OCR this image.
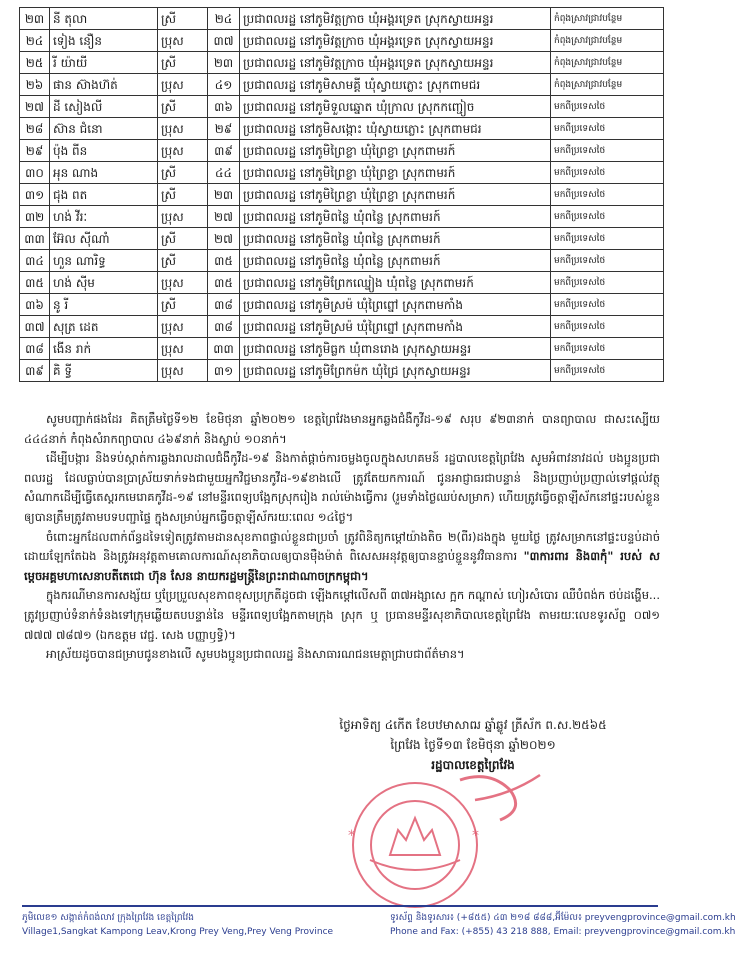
២៣	នី តុលា	ស្រី	២៤	ប្រជាពលរដ្ឋ នៅភូមិវត្តក្រាច ឃុំអង្គរទ្រេត ស្រុកស្វាយអន្ទរ	កំពុងស្រាវជ្រាវបន្ថែម
២៤	ទៀង នឿន	ប្រុស	៣៧	ប្រជាពលរដ្ឋ នៅភូមិវត្តក្រាច ឃុំអង្គរទ្រេត ស្រុកស្វាយអន្ទរ	កំពុងស្រាវជ្រាវបន្ថែម
២៥	រី យ៉ាយី	ស្រី	២៣	ប្រជាពលរដ្ឋ នៅភូមិវត្តក្រាច ឃុំអង្គរទ្រេត ស្រុកស្វាយអន្ទរ	កំពុងស្រាវជ្រាវបន្ថែម
២៦	ផាន ស៊ាងហ៊ត់	ប្រុស	៤១	ប្រជាពលរដ្ឋ នៅភូមិសាមគ្គី ឃុំស្វាយភ្លោះ ស្រុកពាមជរ	កំពុងស្រាវជ្រាវបន្ថែម
២៧	ដី សៀងលី	ស្រី	៣៦	ប្រជាពលរដ្ឋ នៅភូមិទួលឆ្នោត ឃុំក្រាល ស្រុកកញ្ជៀច	មកពីប្រទេសថៃ
២៨	ស៊ាន ជំនោ	ប្រុស	២៩	ប្រជាពលរដ្ឋ នៅភូមិសង្កោះ ឃុំស្វាយភ្លោះ ស្រុកពាមជរ	មកពីប្រទេសថៃ
២៩	ប៉ុង ពីន	ប្រុស	៣៩	ប្រជាពលរដ្ឋ នៅភូមិព្រៃខ្លា ឃុំព្រៃខ្លា ស្រុកពាមរក៍	មកពីប្រទេសថៃ
៣០	អុន ណាង	ស្រី	៤៤	ប្រជាពលរដ្ឋ នៅភូមិព្រៃខ្លា ឃុំព្រៃខ្លា ស្រុកពាមរក៍	មកពីប្រទេសថៃ
៣១	ជុង ពត	ស្រី	២៣	ប្រជាពលរដ្ឋ នៅភូមិព្រៃខ្លា ឃុំព្រៃខ្លា ស្រុកពាមរក៍	មកពីប្រទេសថៃ
៣២	ហង់ វីរៈ	ប្រុស	២៧	ប្រជាពលរដ្ឋ នៅភូមិពន្លៃ ឃុំពន្លៃ ស្រុកពាមរក៍	មកពីប្រទេសថៃ
៣៣	អ៊ែល ស៊ីណាំ	ស្រី	២៧	ប្រជាពលរដ្ឋ នៅភូមិពន្លៃ ឃុំពន្លៃ ស្រុកពាមរក៍	មកពីប្រទេសថៃ
៣៤	ហួន ណារិទ្ធ	ស្រី	៣៥	ប្រជាពលរដ្ឋ នៅភូមិពន្លៃ ឃុំពន្លៃ ស្រុកពាមរក៍	មកពីប្រទេសថៃ
៣៥	ហង់ ស៊ីម	ប្រុស	៣៥	ប្រជាពលរដ្ឋ នៅភូមិព្រែកឈ្នៀង ឃុំពន្លៃ ស្រុកពាមរក៍	មកពីប្រទេសថៃ
៣៦	នូ រី	ស្រី	៣៨	ប្រជាពលរដ្ឋ នៅភូមិស្រម៉ ឃុំព្រៃព្នៅ ស្រុកពាមកាំង	មកពីប្រទេសថៃ
៣៧	សុត្រ ដេត	ប្រុស	៣៨	ប្រជាពលរដ្ឋ នៅភូមិស្រម៉ ឃុំព្រៃព្នៅ ស្រុកពាមកាំង	មកពីប្រទេសថៃ
៣៨	ងើន រាក់	ប្រុស	៣៣	ប្រជាពលរដ្ឋ នៅភូមិធ្លក ឃុំពានរោង ស្រុកស្វាយអន្ទរ	មកពីប្រទេសថៃ
៣៩	គិ ទ្វី	ប្រុស	៣១	ប្រជាពលរដ្ឋ នៅភូមិព្រែកម៉ក ឃុំជ្រៃ ស្រុកស្វាយអន្ទរ	មកពីប្រទេសថៃ

សូមបញ្ជាក់ផងដែរ គិតត្រឹមថ្ងៃទី១២ ខែមិថុនា ឆ្នាំ២០២១ ខេត្តព្រៃវែងមានអ្នកឆ្លងជំងឺកូវីដ-១៩ សរុប ៩២៣នាក់ បានព្យាបាល ជាសះស្បើយ ៤៤៤នាក់ កំពុងសំរាកព្យាបាល ៤៦៩នាក់ និងស្លាប់ ១០នាក់។

ដើម្បីបង្ការ និងទប់ស្កាត់ការឆ្លងរាលដាលជំងឺកូវីដ-១៩ និងកាត់ផ្តាច់ការចម្លងចូលក្នុងសហគមន៍ រដ្ឋបាលខេត្តព្រៃវែង សូមអំពាវនាវដល់ បងប្អូនប្រជាពលរដ្ឋ ដែលធ្លាប់បានប្រាស្រ័យទាក់ទងជាមួយអ្នកវិជ្ជមានកូវីដ-១៩ខាងលើ ត្រូវតែយកការណ៍ ជូនអាជ្ញាធរជាបន្ទាន់ និងប្រញាប់ប្រញាល់ទៅផ្តល់វត្ថុសំណាកដើម្បីធ្វើតេស្តរកមេរោគកូវីដ-១៩ នៅមន្ទីរពេទ្យបង្អែកស្រុករៀង រាល់ម៉ោងធ្វើការ (រួមទាំងថ្ងៃឈប់សម្រាក) ហើយត្រូវធ្វើចត្តាឡីស័កនៅផ្ទះរបស់ខ្លួនឲ្យបានត្រឹមត្រូវតាមបទបញ្ជាផ្ទៃ ក្នុងសម្រាប់អ្នកធ្វើចត្តាឡីស័ករយៈពេល ១៤ថ្ងៃ។

ចំពោះអ្នកដែលពាក់ព័ន្ធដទៃទៀតត្រូវតាមដានសុខភាពផ្ទាល់ខ្លួនជាប្រចាំ ត្រូវពិនិត្យកម្តៅយ៉ាងតិច ២(ពីរ)ដងក្នុង មួយថ្ងៃ ត្រូវសម្រាកនៅផ្ទះបន្ទប់ដាច់ដោយឡែកតែឯង និងត្រូវអនុវត្តតាមគោលការណ៍សុខាភិបាលឲ្យបានម៉ឺងម៉ាត់ ពិសេសអនុវត្តឲ្យបានខ្ជាប់ខ្ជួននូវវិធានការ "៣ការពារ និង៣កុំ" របស់ សម្តេចអគ្គមហាសេនាបតីតេជោ ហ៊ុន សែន នាយករដ្ឋមន្ត្រីនៃព្រះរាជាណាចក្រកម្ពុជា។

ក្នុងករណីមានការសង្ស័យ ឬប្រែប្រួលសុខភាពខុសប្រក្រតីដូចជា ឡើងកម្តៅលើសពី ៣៧អង្សាសេ ក្អក កណ្តាស់ ហៀរសំបោរ ឈឺបំពង់ក ថប់ដង្ហើម... ត្រូវប្រញាប់ទំនាក់ទំនងទៅក្រុមឆ្លើយតបបន្ទាន់នៃ មន្ទីរពេទ្យបង្អែកតាមក្រុង ស្រុក ឬ ប្រធានមន្ទីរសុខាភិបាលខេត្តព្រៃវែង តាមរយៈលេខទូរស័ព្ទ ០៧១ ៧៧៧ ៧៨៧១ (ឯកឧត្តម វេជ្ជ. សេង បញ្ញាឫទ្ធិ)។

អាស្រ័យដូចបានជម្រាបជូនខាងលើ សូមបងប្អូនប្រជាពលរដ្ឋ និងសាធារណជនមេត្តាជ្រាបជាព័ត៌មាន។

ថ្ងៃអាទិត្យ ៤កើត ខែបឋមាសាឍ ឆ្នាំឆ្លូវ ត្រីស័ក ព.ស.២៥៦៥
ព្រៃវែង ថ្ងៃទី១៣ ខែមិថុនា ឆ្នាំ២០២១
រដ្ឋបាលខេត្តព្រៃវែង
*	*
ភូមិលេខ១ សង្កាត់កំពង់លាវ ក្រុងព្រៃវែង ខេត្តព្រៃវែង
Village1,Sangkat Kampong Leav,Krong Prey Veng,Prey Veng Province
ទូរស័ព្ទ និងទូរសារ៖ (+៨៥៥) ៤៣ ២១៨ ៨៨៨,អ៊ីម៉ែល៖ preyvengprovince@gmail.com.kh
Phone and Fax: (+855) 43 218 888, Email: preyvengprovince@gmail.com.kh
